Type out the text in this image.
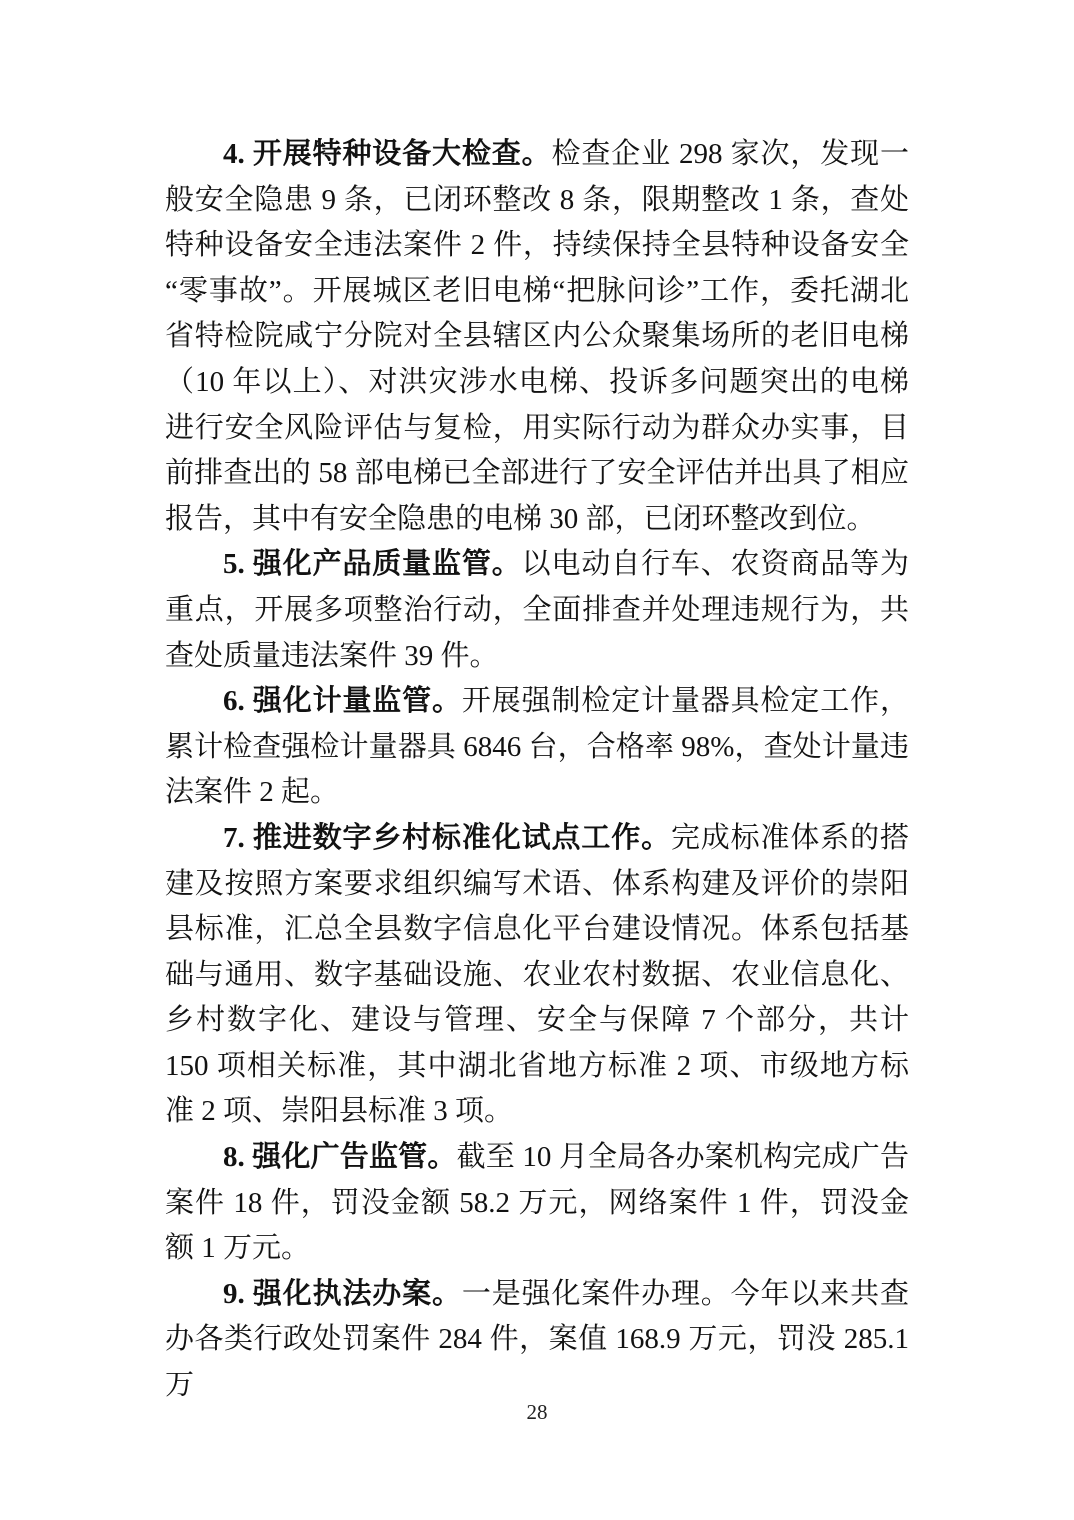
4. 开展特种设备大检查。检查企业 298 家次，发现一般安全隐患 9 条，已闭环整改 8 条，限期整改 1 条，查处特种设备安全违法案件 2 件，持续保持全县特种设备安全“零事故”。开展城区老旧电梯“把脉问诊”工作，委托湖北省特检院咸宁分院对全县辖区内公众聚集场所的老旧电梯（10 年以上）、对洪灾涉水电梯、投诉多问题突出的电梯进行安全风险评估与复检，用实际行动为群众办实事，目前排查出的 58 部电梯已全部进行了安全评估并出具了相应报告，其中有安全隐患的电梯 30 部，已闭环整改到位。

5. 强化产品质量监管。以电动自行车、农资商品等为重点，开展多项整治行动，全面排查并处理违规行为，共查处质量违法案件 39 件。

6. 强化计量监管。开展强制检定计量器具检定工作，累计检查强检计量器具 6846 台，合格率 98%，查处计量违法案件 2 起。

7. 推进数字乡村标准化试点工作。完成标准体系的搭建及按照方案要求组织编写术语、体系构建及评价的崇阳县标准，汇总全县数字信息化平台建设情况。体系包括基础与通用、数字基础设施、农业农村数据、农业信息化、乡村数字化、建设与管理、安全与保障 7 个部分，共计 150 项相关标准，其中湖北省地方标准 2 项、市级地方标准 2 项、崇阳县标准 3 项。

8. 强化广告监管。截至 10 月全局各办案机构完成广告案件 18 件，罚没金额 58.2 万元，网络案件 1 件，罚没金额 1 万元。

9. 强化执法办案。一是强化案件办理。今年以来共查办各类行政处罚案件 284 件，案值 168.9 万元，罚没 285.1 万

28
